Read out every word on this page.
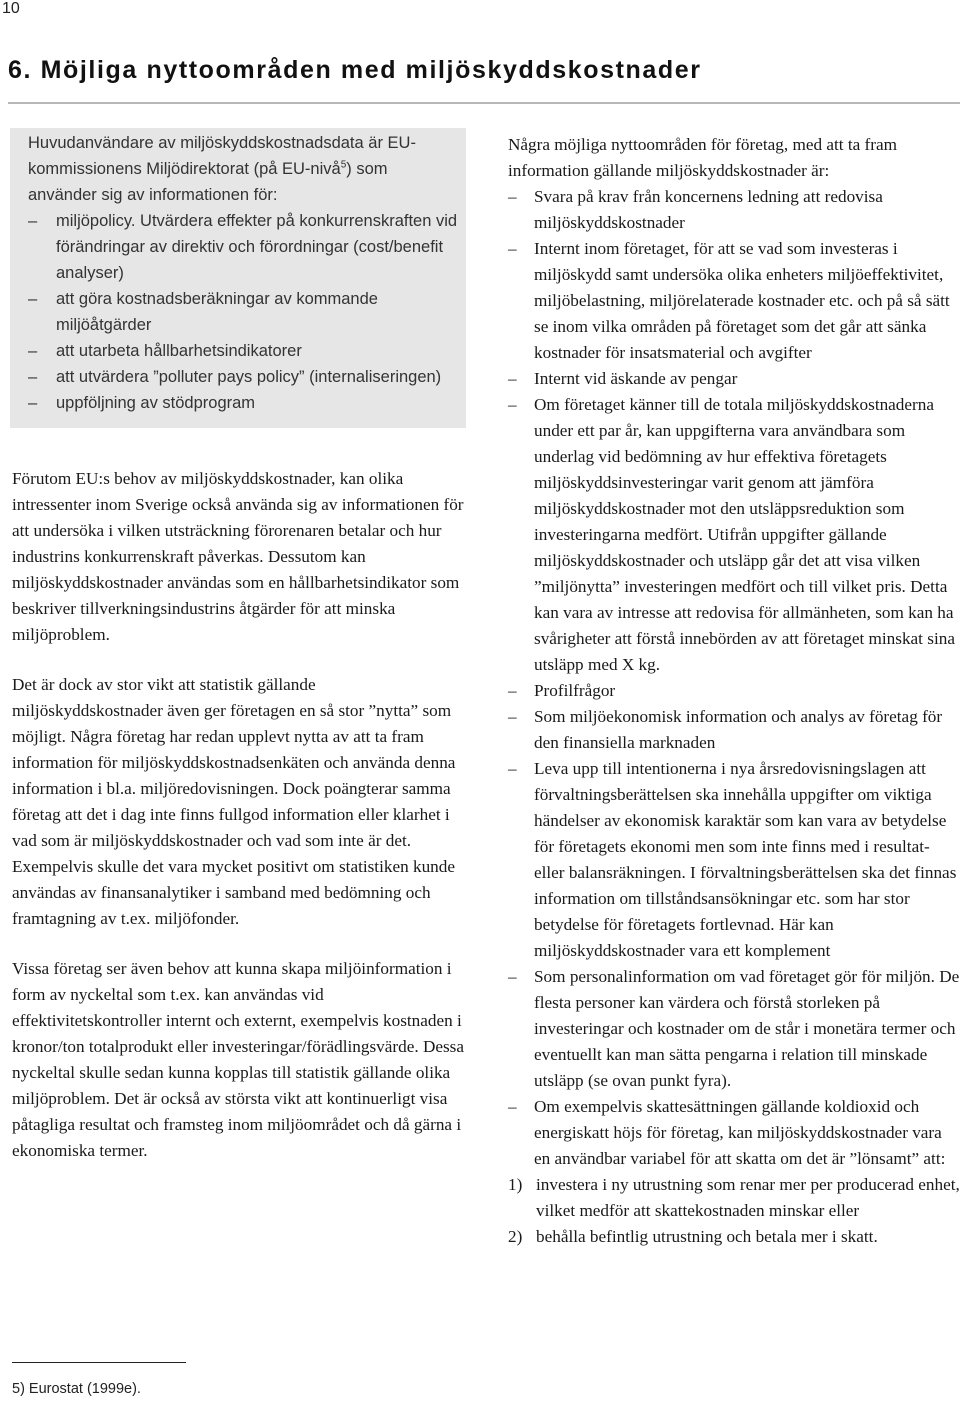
10
6. Möjliga nyttoområden med miljöskyddskostnader

Huvudanvändare av miljöskyddskostnadsdata är EU-kommissionens Miljödirektorat (på EU-nivå$^5$) som använder sig av informationen för:

– miljöpolicy. Utvärdera effekter på konkurrenskraften vid förändringar av direktiv och förordningar (cost/benefit analyser)
– att göra kostnadsberäkningar av kommande miljöåtgärder
– att utarbeta hållbarhetsindikatorer
– att utvärdera ”polluter pays policy” (internaliseringen)
– uppföljning av stödprogram

Förutom EU:s behov av miljöskyddskostnader, kan olika intressenter inom Sverige också använda sig av informationen för att undersöka i vilken utsträckning förorenaren betalar och hur industrins konkurrenskraft påverkas. Dessutom kan miljöskyddskostnader användas som en hållbarhetsindikator som beskriver tillverkningsindustrins åtgärder för att minska miljöproblem.

Det är dock av stor vikt att statistik gällande miljöskyddskostnader även ger företagen en så stor ”nytta” som möjligt. Några företag har redan upplevt nytta av att ta fram information för miljöskyddskostnadsenkäten och använda denna information i bl.a. miljöredovisningen. Dock poängterar samma företag att det i dag inte finns fullgod information eller klarhet i vad som är miljöskyddskostnader och vad som inte är det. Exempelvis skulle det vara mycket positivt om statistiken kunde användas av finansanalytiker i samband med bedömning och framtagning av t.ex. miljöfonder.

Vissa företag ser även behov att kunna skapa miljöinformation i form av nyckeltal som t.ex. kan användas vid effektivitetskontroller internt och externt, exempelvis kostnaden i kronor/ton totalprodukt eller investeringar/förädlingsvärde. Dessa nyckeltal skulle sedan kunna kopplas till statistik gällande olika miljöproblem. Det är också av största vikt att kontinuerligt visa påtagliga resultat och framsteg inom miljöområdet och då gärna i ekonomiska termer.

5) Eurostat (1999e).

Några möjliga nyttoområden för företag, med att ta fram information gällande miljöskyddskostnader är:

– Svara på krav från koncernens ledning att redovisa miljöskyddskostnader
– Internt inom företaget, för att se vad som investeras i miljöskydd samt undersöka olika enheters miljöeffektivitet, miljöbelastning, miljörelaterade kostnader etc. och på så sätt se inom vilka områden på företaget som det går att sänka kostnader för insatsmaterial och avgifter
– Internt vid äskande av pengar
– Om företaget känner till de totala miljöskyddskostnaderna under ett par år, kan uppgifterna vara användbara som underlag vid bedömning av hur effektiva företagets miljöskyddsinvesteringar varit genom att jämföra miljöskyddskostnader mot den utsläppsreduktion som investeringarna medfört. Utifrån uppgifter gällande miljöskyddskostnader och utsläpp går det att visa vilken ”miljönytta” investeringen medfört och till vilket pris. Detta kan vara av intresse att redovisa för allmänheten, som kan ha svårigheter att förstå innebörden av att företaget minskat sina utsläpp med X kg.
– Profilfrågor
– Som miljöekonomisk information och analys av företag för den finansiella marknaden
– Leva upp till intentionerna i nya årsredovisningslagen att förvaltningsberättelsen ska innehålla uppgifter om viktiga händelser av ekonomisk karaktär som kan vara av betydelse för företagets ekonomi men som inte finns med i resultat- eller balansräkningen. I förvaltningsberättelsen ska det finnas information om tillståndsansökningar etc. som har stor betydelse för företagets fortlevnad. Här kan miljöskyddskostnader vara ett komplement
– Som personalinformation om vad företaget gör för miljön. De flesta personer kan värdera och förstå storleken på investeringar och kostnader om de står i monetära termer och eventuellt kan man sätta pengarna i relation till minskade utsläpp (se ovan punkt fyra).
– Om exempelvis skattesättningen gällande koldioxid och energiskatt höjs för företag, kan miljöskyddskostnader vara en användbar variabel för att skatta om det är ”lönsamt” att:
1) investera i ny utrustning som renar mer per producerad enhet, vilket medför att skattekostnaden minskar eller
2) behålla befintlig utrustning och betala mer i skatt.
